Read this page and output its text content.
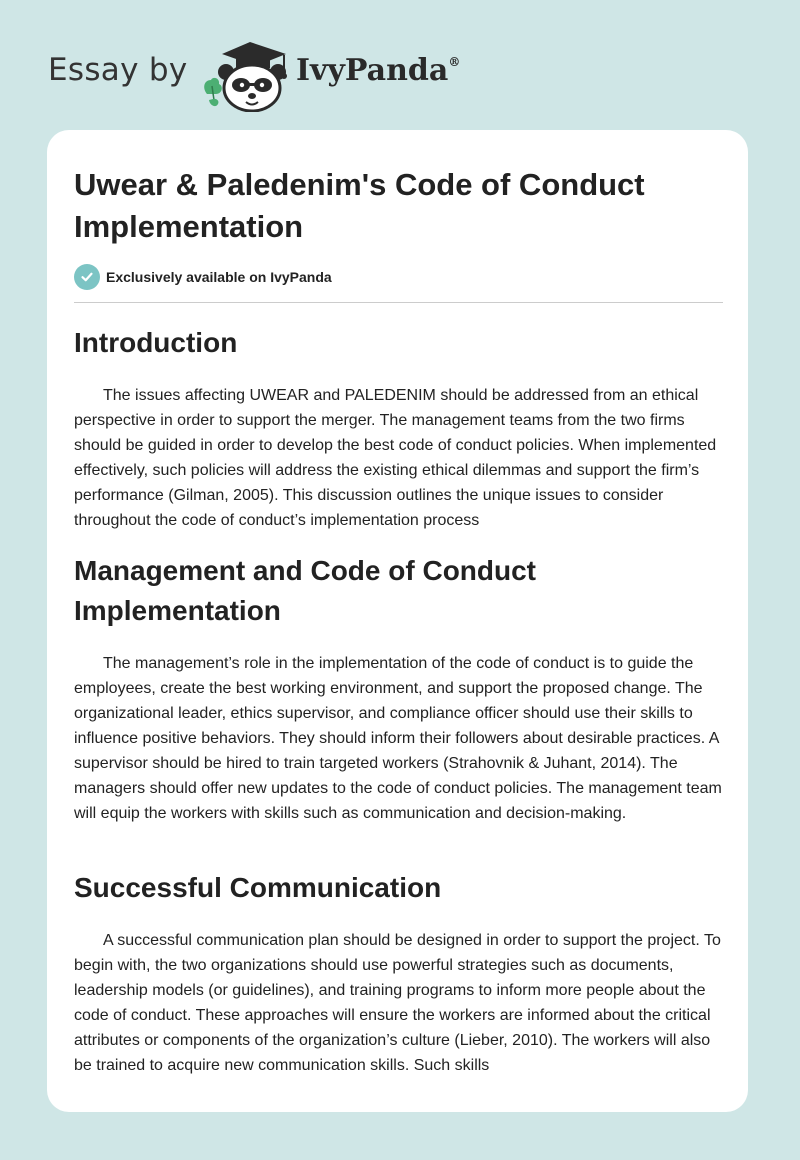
Essay by	IvyPanda®
Uwear & Paledenim's Code of Conduct Implementation
Exclusively available on IvyPanda
Introduction

The issues affecting UWEAR and PALEDENIM should be addressed from an ethical perspective in order to support the merger. The management teams from the two firms should be guided in order to develop the best code of conduct policies. When implemented effectively, such policies will address the existing ethical dilemmas and support the firm’s performance (Gilman, 2005). This discussion outlines the unique issues to consider throughout the code of conduct’s implementation process

Management and Code of Conduct Implementation

The management’s role in the implementation of the code of conduct is to guide the employees, create the best working environment, and support the proposed change. The organizational leader, ethics supervisor, and compliance officer should use their skills to influence positive behaviors. They should inform their followers about desirable practices. A supervisor should be hired to train targeted workers (Strahovnik & Juhant, 2014). The managers should offer new updates to the code of conduct policies. The management team will equip the workers with skills such as communication and decision-making.

Successful Communication

A successful communication plan should be designed in order to support the project. To begin with, the two organizations should use powerful strategies such as documents, leadership models (or guidelines), and training programs to inform more people about the code of conduct. These approaches will ensure the workers are informed about the critical attributes or components of the organization’s culture (Lieber, 2010). The workers will also be trained to acquire new communication skills. Such skills
